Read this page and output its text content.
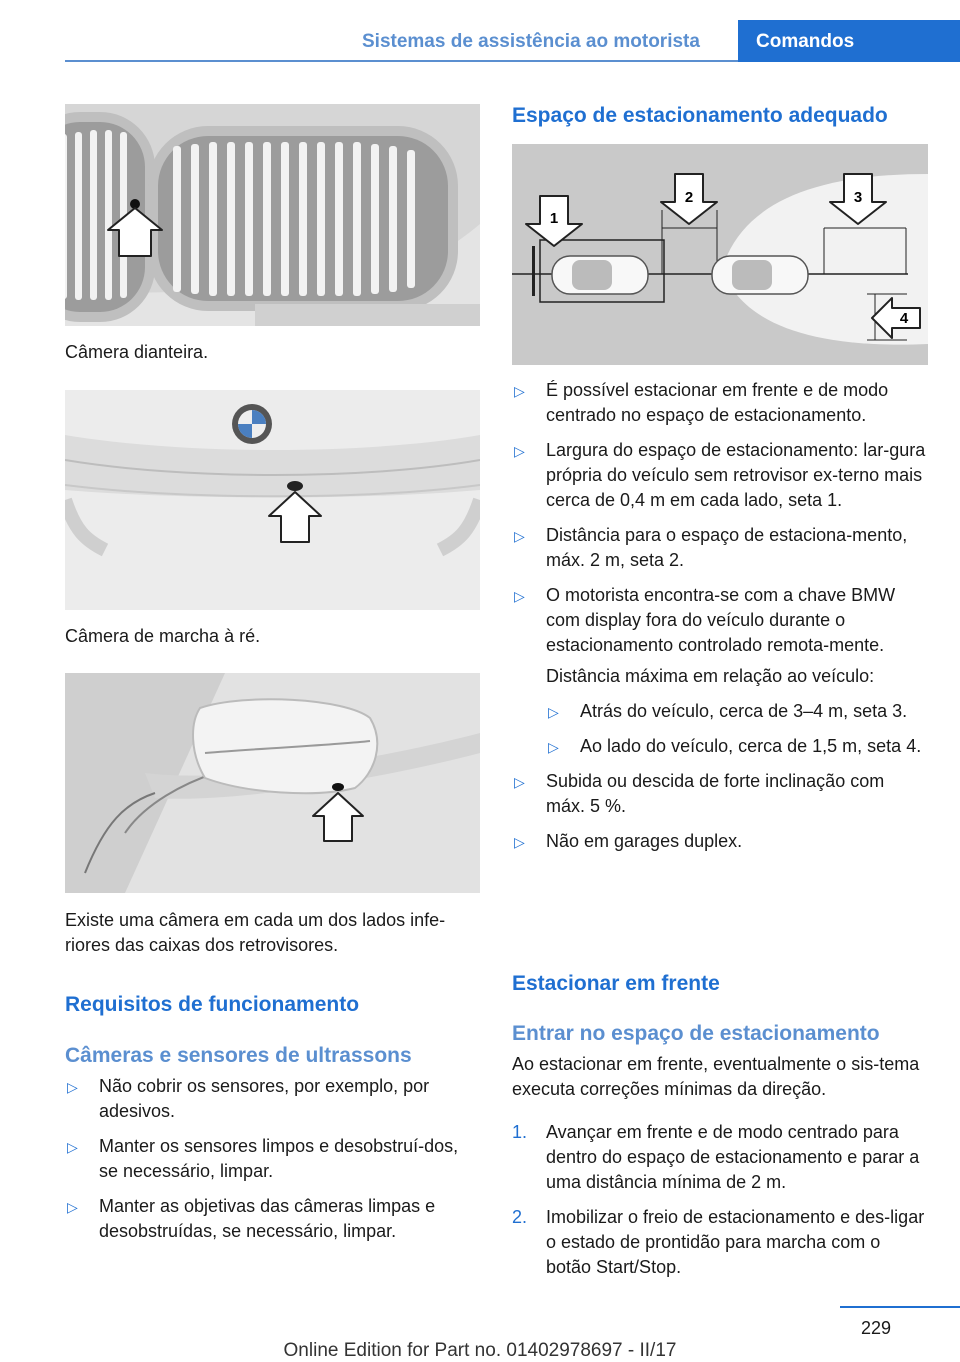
Sistemas de assistência ao motorista	Comandos
Câmera dianteira.
Câmera de marcha à ré.
Existe uma câmera em cada um dos lados infe-riores das caixas dos retrovisores.
Requisitos de funcionamento
Câmeras e sensores de ultrassons
▷ Não cobrir os sensores, por exemplo, por adesivos.
▷ Manter os sensores limpos e desobstruí-dos, se necessário, limpar.
▷ Manter as objetivas das câmeras limpas e desobstruídas, se necessário, limpar.
Espaço de estacionamento adequado
1
2	3
4
▷ É possível estacionar em frente e de modo centrado no espaço de estacionamento.
▷ Largura do espaço de estacionamento: lar-gura própria do veículo sem retrovisor ex-terno mais cerca de 0,4 m em cada lado, seta 1.
▷ Distância para o espaço de estaciona-mento, máx. 2 m, seta 2.
▷ O motorista encontra-se com a chave BMW com display fora do veículo durante o estacionamento controlado remota-mente.
Distância máxima em relação ao veículo:
▷ Atrás do veículo, cerca de 3–4 m, seta 3.
▷ Ao lado do veículo, cerca de 1,5 m, seta 4.
▷ Subida ou descida de forte inclinação com máx. 5 %.
▷ Não em garages duplex.
Estacionar em frente
Entrar no espaço de estacionamento
Ao estacionar em frente, eventualmente o sis-tema executa correções mínimas da direção.
1. Avançar em frente e de modo centrado para dentro do espaço de estacionamento e parar a uma distância mínima de 2 m.
2. Imobilizar o freio de estacionamento e des-ligar o estado de prontidão para marcha com o botão Start/Stop.
229
Online Edition for Part no. 01402978697 - II/17
